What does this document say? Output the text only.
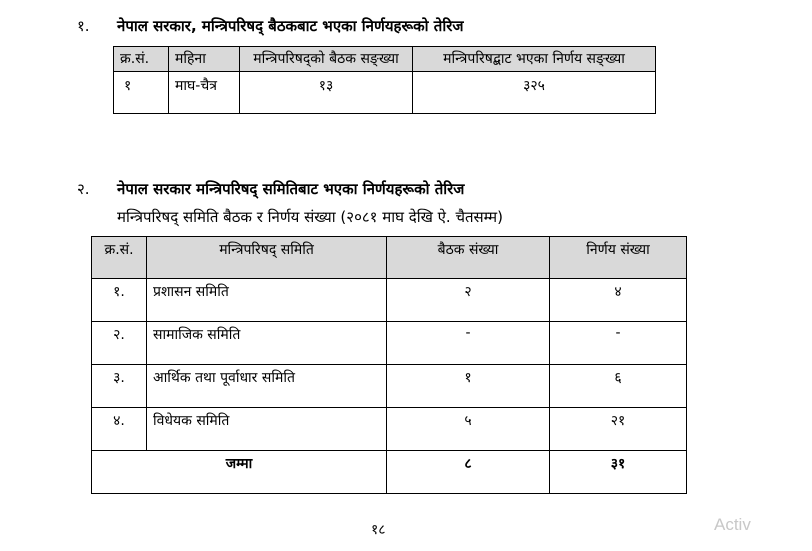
१. नेपाल सरकार, मन्त्रिपरिषद् बैठकबाट भएका निर्णयहरूको तेरिज
क्र.सं.	महिना	मन्त्रिपरिषद्को बैठक सङ्ख्या	मन्त्रिपरिषद्बाट भएका निर्णय सङ्ख्या
१	माघ-चैत्र	१३	३२५
२. नेपाल सरकार मन्त्रिपरिषद् समितिबाट भएका निर्णयहरूको तेरिज
मन्त्रिपरिषद् समिति बैठक र निर्णय संख्या (२०८१ माघ देखि ऐ. चैतसम्म)
क्र.सं.	मन्त्रिपरिषद् समिति	बैठक संख्या	निर्णय संख्या
१.	प्रशासन समिति	२	४
२.	सामाजिक समिति	-	-
३.	आर्थिक तथा पूर्वाधार समिति	१	६
४.	विधेयक समिति	५	२१
जम्मा		८	३१
१८	Activ
